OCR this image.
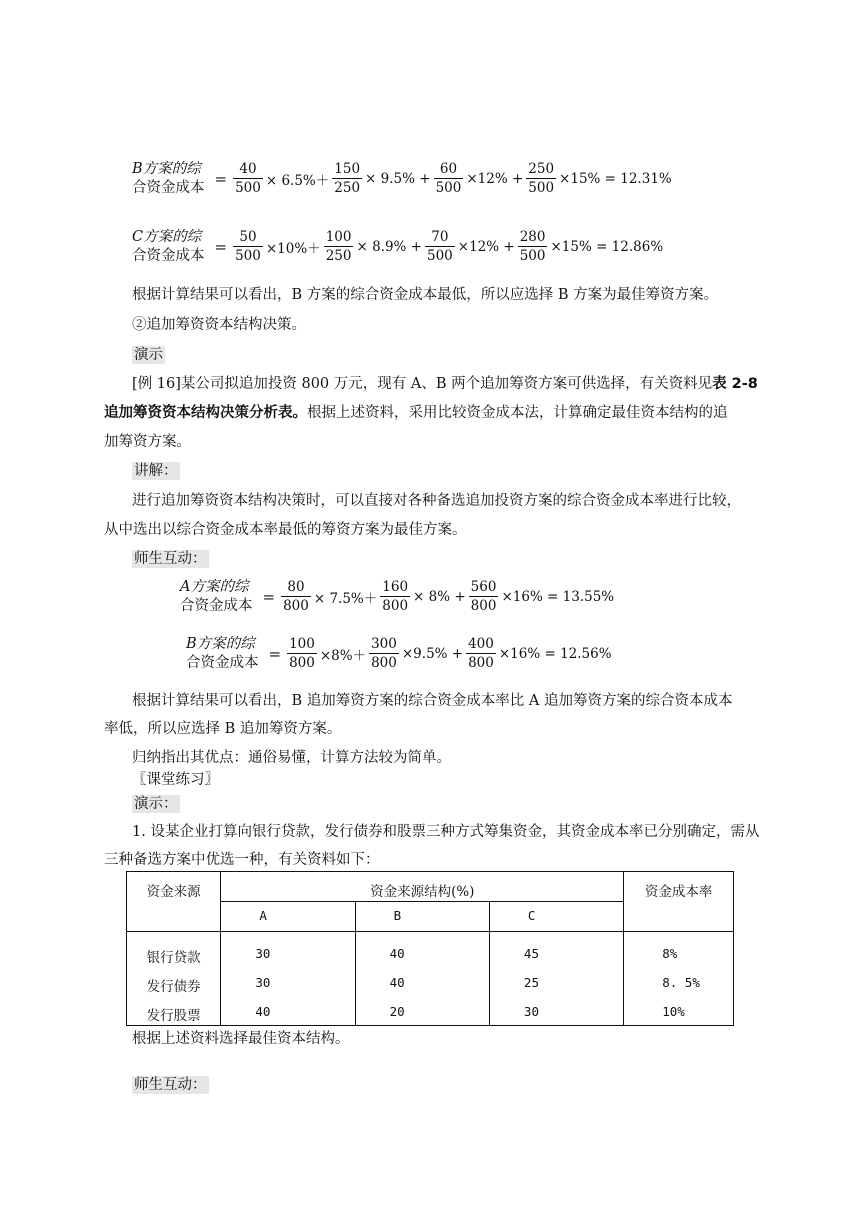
B方案的综
合资金成本 = $\frac{40}{500} \times 6.5\%+ \frac{150}{250} \times 9.5\% + \frac{60}{500} \times 12\% + \frac{250}{500} \times 15\% = 12.31\%$
C方案的综
合资金成本 = $\frac{50}{500} \times 10\%+ \frac{100}{250} \times 8.9\% + \frac{70}{500} \times 12\% + \frac{280}{500} \times 15\% = 12.86\%$
根据计算结果可以看出，B 方案的综合资金成本最低，所以应选择 B 方案为最佳筹资方案。
②追加筹资资本结构决策。
演示
[例 16]某公司拟追加投资 800 万元，现有 A、B 两个追加筹资方案可供选择，有关资料见表 2-8
追加筹资资本结构决策分析表。根据上述资料，采用比较资金成本法，计算确定最佳资本结构的追
加筹资方案。
讲解：
进行追加筹资资本结构决策时，可以直接对各种备选追加投资方案的综合资金成本率进行比较，
从中选出以综合资金成本率最低的筹资方案为最佳方案。
师生互动：
A方案的综
合资金成本 = $\frac{80}{800} \times 7.5\%+ \frac{160}{800} \times 8\% + \frac{560}{800} \times 16\% = 13.55\%$
B方案的综
合资金成本 = $\frac{100}{800} \times 8\%+ \frac{300}{800} \times 9.5\% + \frac{400}{800} \times 16\% = 12.56\%$
根据计算结果可以看出，B 追加筹资方案的综合资金成本率比 A 追加筹资方案的综合资本成本
率低，所以应选择 B 追加筹资方案。
归纳指出其优点：通俗易懂，计算方法较为简单。
〖课堂练习〗
演示：
1. 设某企业打算向银行贷款，发行债券和股票三种方式筹集资金，其资金成本率已分别确定，需从
三种备选方案中优选一种，有关资料如下：
资金来源	资金来源结构(%)			资金成本率
	A	B	C	
银行贷款	30	40	45	8%
发行债券	30	40	25	8. 5%
发行股票	40	20	30	10%
根据上述资料选择最佳资本结构。
师生互动：
